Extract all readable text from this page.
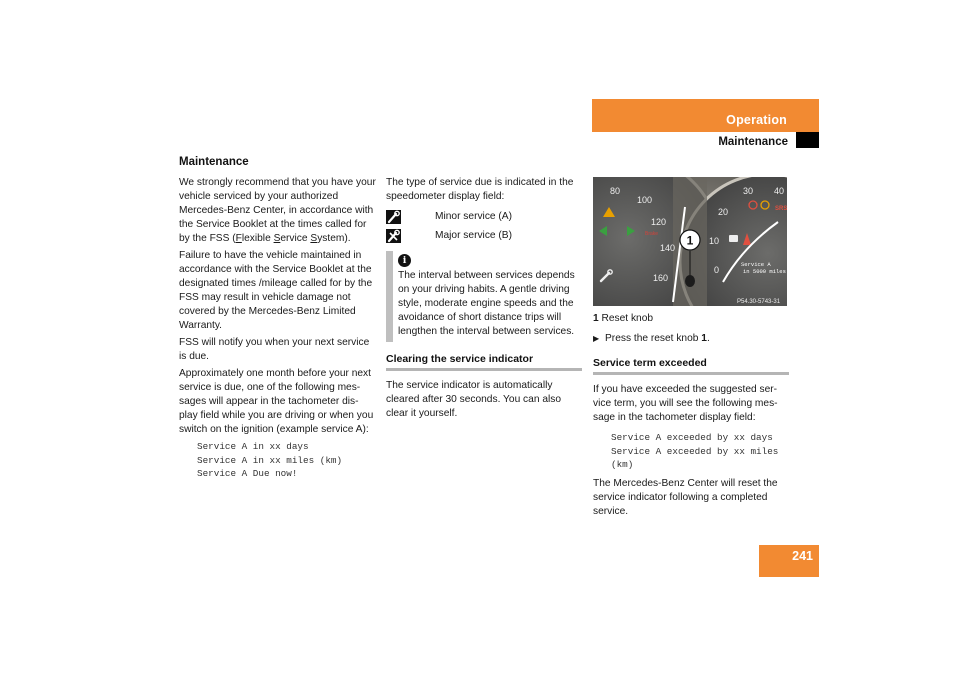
Operation
Maintenance
241
Maintenance

We strongly recommend that you have your vehicle serviced by your authorized Mercedes-Benz Center, in accordance with the Service Booklet at the times called for by the FSS (Flexible Service System).

Failure to have the vehicle maintained in accordance with the Service Booklet at the designated times /mileage called for by the FSS may result in vehicle damage not covered by the Mercedes-Benz Limited Warranty.

FSS will notify you when your next service is due.

Approximately one month before your next service is due, one of the following mes-sages will appear in the tachometer dis-play field while you are driving or when you switch on the ignition (example service A):

Service A in xx days
Service A in xx miles (km)
Service A Due now!

The type of service due is indicated in the speedometer display field:

Minor service (A)
Major service (B)
i

The interval between services depends on your driving habits. A gentle driving style, moderate engine speeds and the avoidance of short distance trips will lengthen the interval between services.

Clearing the service indicator

The service indicator is automatically cleared after 30 seconds. You can also clear it yourself.

80
100
120
140
160
Brake
30 40
20
10
0
SRS
Service A
in 5000 miles
1
P54.30-5743-31

1 Reset knob

▶ Press the reset knob 1.
Service term exceeded

If you have exceeded the suggested ser-vice term, you will see the following mes-sage in the tachometer display field:

Service A exceeded by xx days
Service A exceeded by xx miles
(km)

The Mercedes-Benz Center will reset the service indicator following a completed service.
